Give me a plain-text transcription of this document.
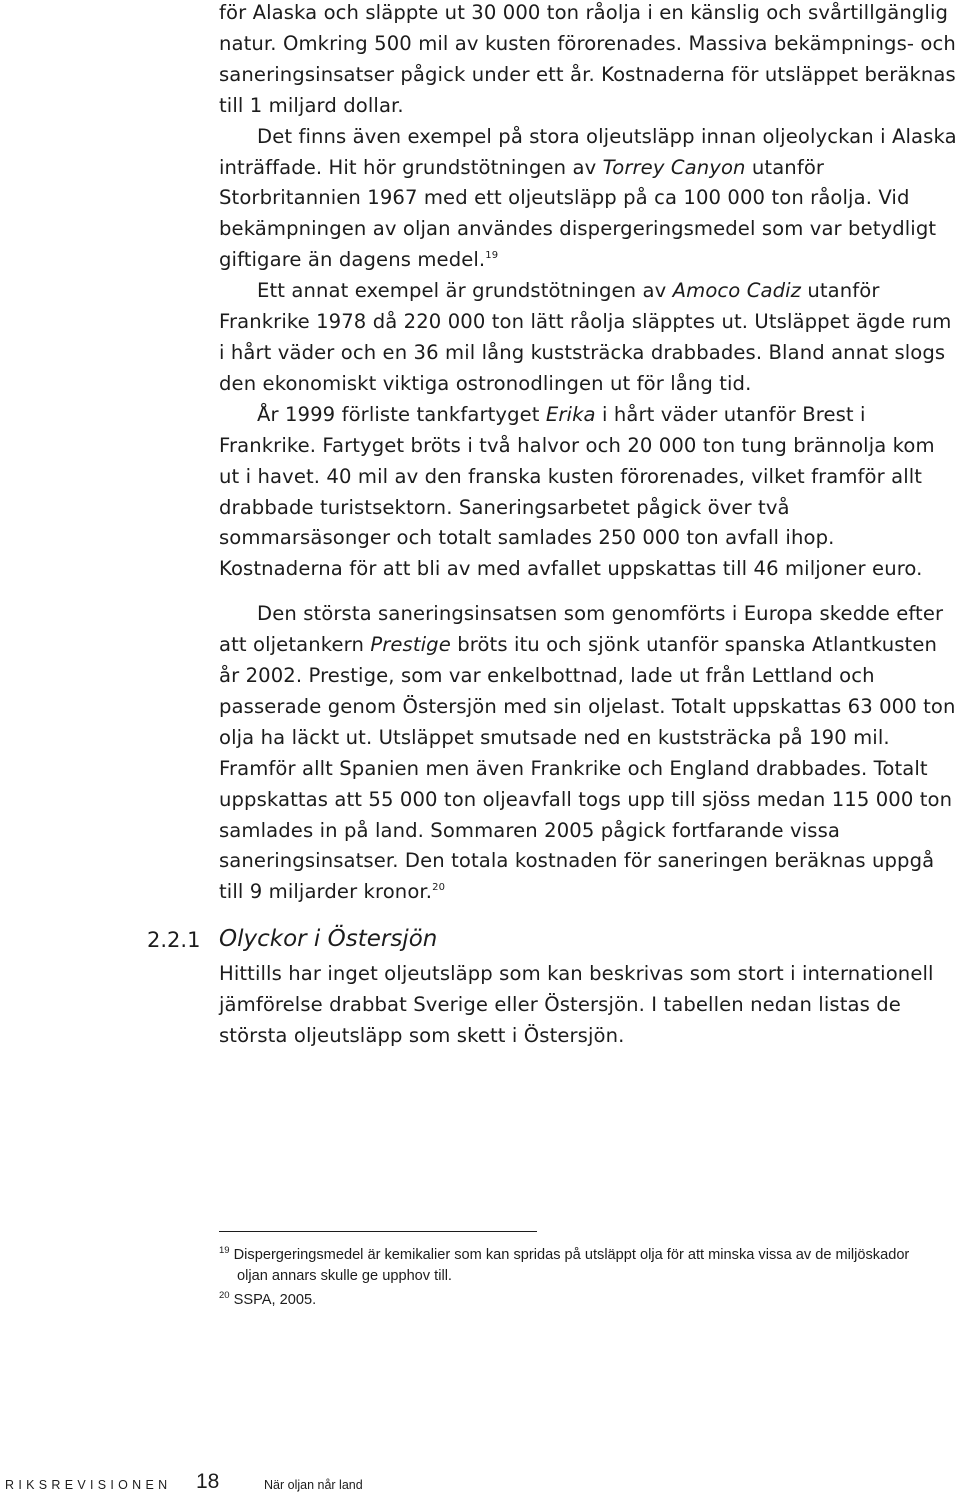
för Alaska och släppte ut 30 000 ton råolja i en känslig och svårtillgänglig natur. Omkring 500 mil av kusten förorenades. Massiva bekämpnings- och saneringsinsatser pågick under ett år. Kostnaderna för utsläppet beräknas till 1 miljard dollar.

Det finns även exempel på stora oljeutsläpp innan oljeolyckan i Alaska inträffade. Hit hör grundstötningen av Torrey Canyon utanför Storbritannien 1967 med ett oljeutsläpp på ca 100 000 ton råolja. Vid bekämpningen av oljan användes dispergeringsmedel som var betydligt giftigare än dagens medel.$^{19}$

Ett annat exempel är grundstötningen av Amoco Cadiz utanför Frankrike 1978 då 220 000 ton lätt råolja släpptes ut. Utsläppet ägde rum i hårt väder och en 36 mil lång kuststräcka drabbades. Bland annat slogs den ekonomiskt viktiga ostronodlingen ut för lång tid.

År 1999 förliste tankfartyget Erika i hårt väder utanför Brest i Frankrike. Fartyget bröts i två halvor och 20 000 ton tung brännolja kom ut i havet. 40 mil av den franska kusten förorenades, vilket framför allt drabbade turistsektorn. Saneringsarbetet pågick över två sommarsäsonger och totalt samlades 250 000 ton avfall ihop. Kostnaderna för att bli av med avfallet uppskattas till 46 miljoner euro.

Den största saneringsinsatsen som genomförts i Europa skedde efter att oljetankern Prestige bröts itu och sjönk utanför spanska Atlantkusten år 2002. Prestige, som var enkelbottnad, lade ut från Lettland och passerade genom Östersjön med sin oljelast. Totalt uppskattas 63 000 ton olja ha läckt ut. Utsläppet smutsade ned en kuststräcka på 190 mil. Framför allt Spanien men även Frankrike och England drabbades. Totalt uppskattas att 55 000 ton oljeavfall togs upp till sjöss medan 115 000 ton samlades in på land. Sommaren 2005 pågick fortfarande vissa saneringsinsatser. Den totala kostnaden för saneringen beräknas uppgå till 9 miljarder kronor.$^{20}$

2.2.1 Olyckor i Östersjön

Hittills har inget oljeutsläpp som kan beskrivas som stort i internationell jämförelse drabbat Sverige eller Östersjön. I tabellen nedan listas de största oljeutsläpp som skett i Östersjön.

$^{19}$ Dispergeringsmedel är kemikalier som kan spridas på utsläppt olja för att minska vissa av de miljöskador oljan annars skulle ge upphov till.

$^{20}$ SSPA, 2005.

RIKSREVISIONEN 18	När oljan når land
